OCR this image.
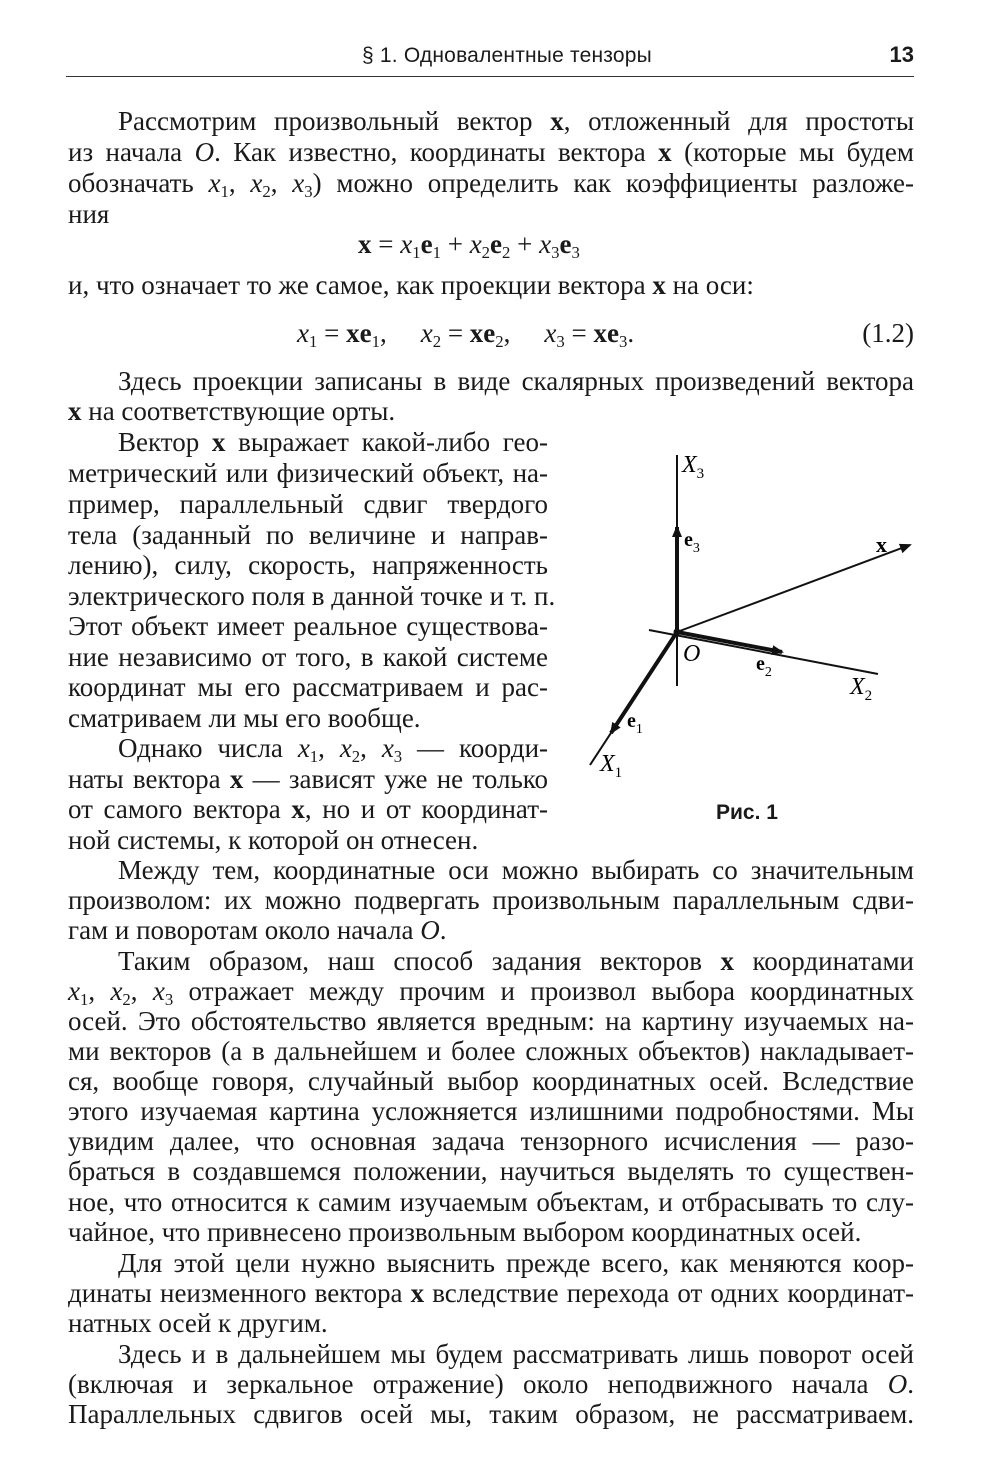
§ 1. Одновалентные тензоры	13
Рассмотрим произвольный вектор x, отложенный для простоты
из начала O. Как известно, координаты вектора x (которые мы будем
обозначать $x_1$, $x_2$, $x_3$) можно определить как коэффициенты разложе-
ния
$x = x_1e_1 + x_2e_2 + x_3e_3$
и, что означает то же самое, как проекции вектора x на оси:
$x_1 = xe_1$, $x_2 = xe_2$, $x_3 = xe_3$.	(1.2)
Здесь проекции записаны в виде скалярных произведений вектора
x на соответствующие орты.
Вектор x выражает какой-либо гео-
метрический или физический объект, на-
пример, параллельный сдвиг твердого
тела (заданный по величине и направ-
лению), силу, скорость, напряженность
электрического поля в данной точке и т. п.
Этот объект имеет реальное существова-
ние независимо от того, в какой системе
координат мы его рассматриваем и рас-
сматриваем ли мы его вообще.
Однако числа $x_1$, $x_2$, $x_3$ — коорди-
наты вектора x — зависят уже не только
от самого вектора x, но и от координат-
ной системы, к которой он отнесен.
$X_3$
$e_3$	x
O	$e_2$
$X_2$
$e_1$
$X_1$
Рис. 1
Между тем, координатные оси можно выбирать со значительным
произволом: их можно подвергать произвольным параллельным сдви-
гам и поворотам около начала O.
Таким образом, наш способ задания векторов x координатами
$x_1$, $x_2$, $x_3$ отражает между прочим и произвол выбора координатных
осей. Это обстоятельство является вредным: на картину изучаемых на-
ми векторов (а в дальнейшем и более сложных объектов) накладывает-
ся, вообще говоря, случайный выбор координатных осей. Вследствие
этого изучаемая картина усложняется излишними подробностями. Мы
увидим далее, что основная задача тензорного исчисления — разо-
браться в создавшемся положении, научиться выделять то существен-
ное, что относится к самим изучаемым объектам, и отбрасывать то слу-
чайное, что привнесено произвольным выбором координатных осей.
Для этой цели нужно выяснить прежде всего, как меняются коор-
динаты неизменного вектора x вследствие перехода от одних координат-
натных осей к другим.
Здесь и в дальнейшем мы будем рассматривать лишь поворот осей
(включая и зеркальное отражение) около неподвижного начала O.
Параллельных сдвигов осей мы, таким образом, не рассматриваем.
